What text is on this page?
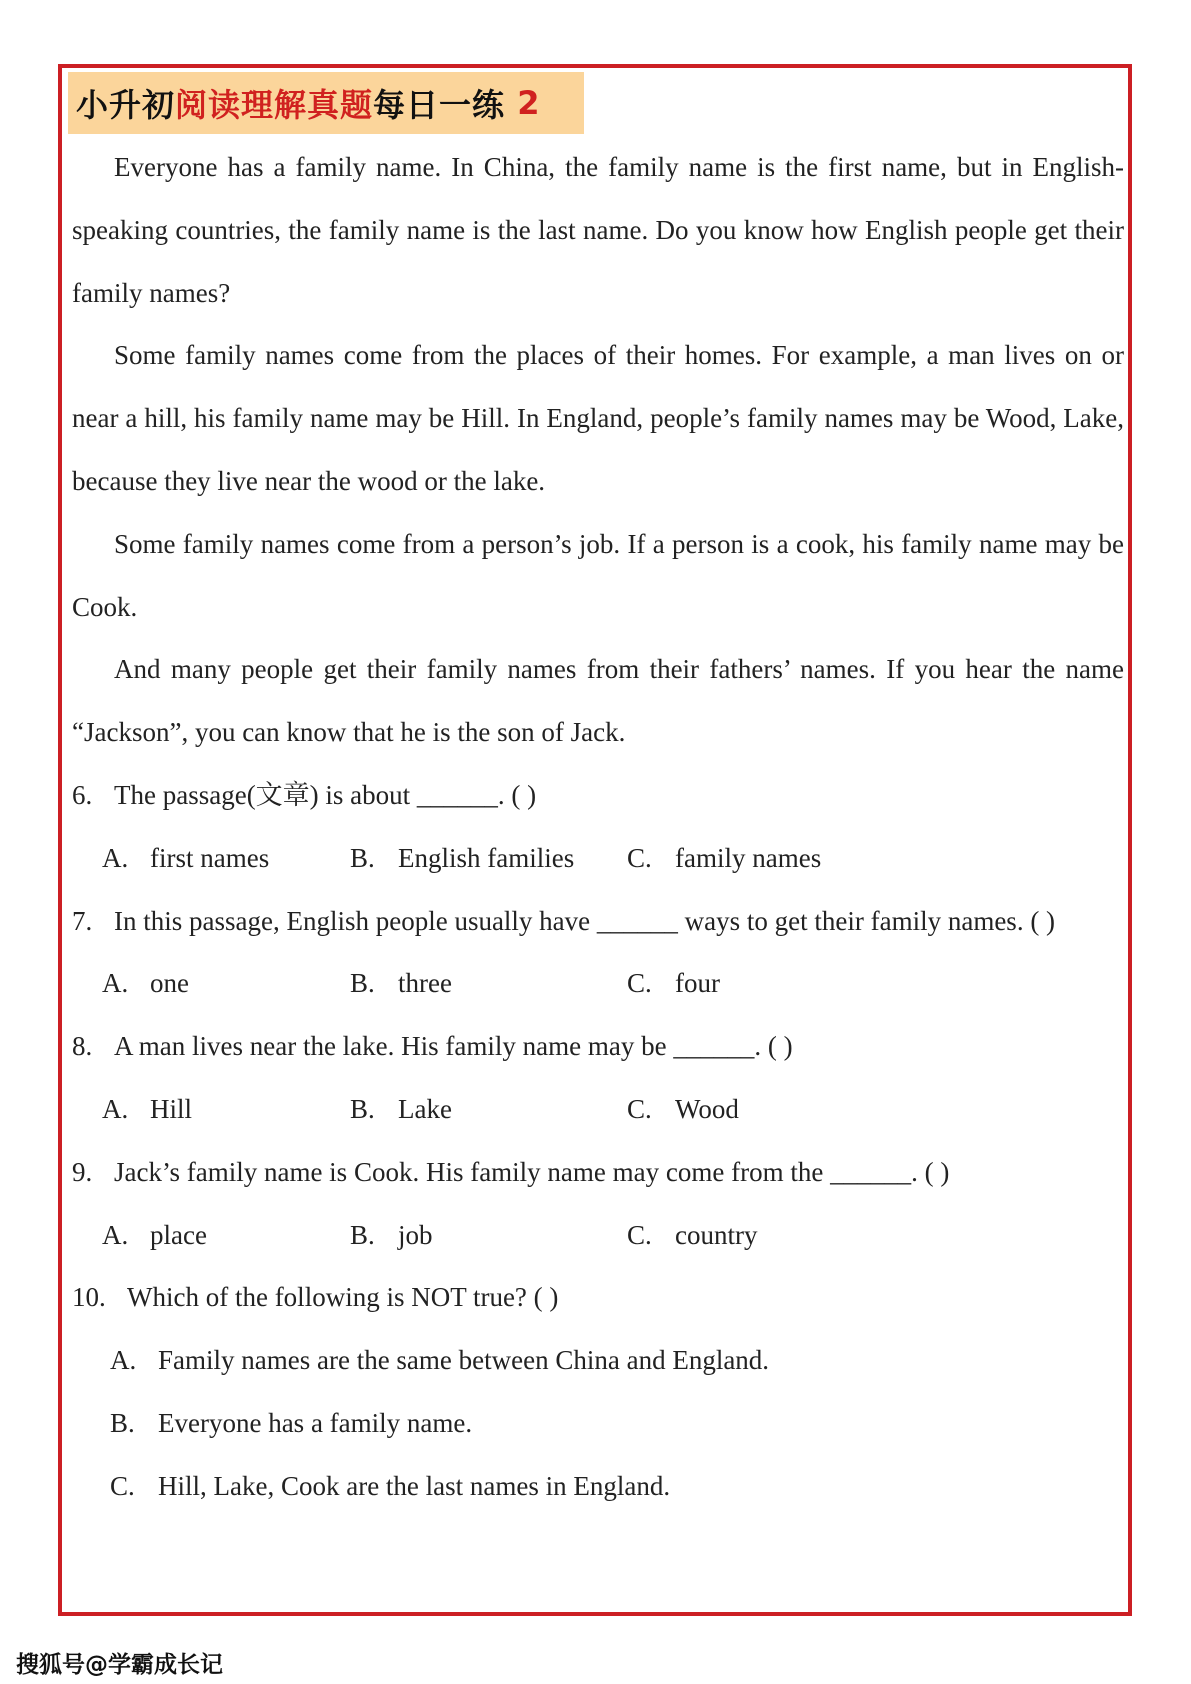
小升初 阅读理解真题 每日一练
2

Everyone has a family name. In China, the family name is the first name, but in English-speaking countries, the family name is the last name. Do you know how English people get their family names?

Some family names come from the places of their homes. For example, a man lives on or near a hill, his family name may be Hill. In England, people’s family names may be Wood, Lake, because they live near the wood or the lake.

Some family names come from a person’s job. If a person is a cook, his family name may be Cook.

And many people get their family names from their fathers’ names. If you hear the name “Jackson”, you can know that he is the son of Jack.

6. The passage(文章) is about ______. ( )

A. first names	B. English families C. family names

7. In this passage, English people usually have ______ ways to get their family names. ( )

A. one	B. three	C. four

8. A man lives near the lake. His family name may be ______. ( )

A. Hill	B. Lake	C. Wood

9. Jack’s family name is Cook. His family name may come from the ______. ( )

A. place	B. job	C. country

10. Which of the following is NOT true? ( )

A. Family names are the same between China and England.

B. Everyone has a family name.

C. Hill, Lake, Cook are the last names in England.

搜狐号@学霸成长记
